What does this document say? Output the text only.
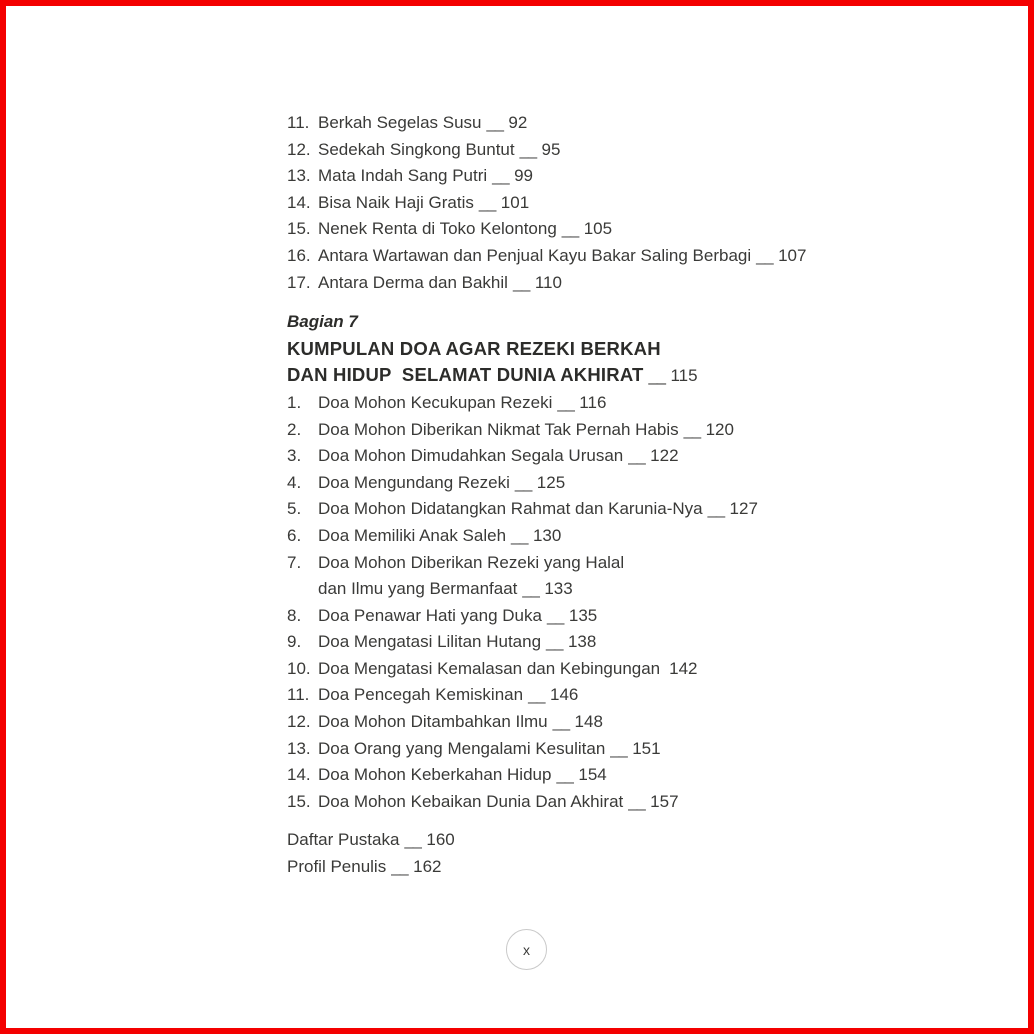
11. Berkah Segelas Susu __ 92
12. Sedekah Singkong Buntut __ 95
13. Mata Indah Sang Putri __ 99
14. Bisa Naik Haji Gratis __ 101
15. Nenek Renta di Toko Kelontong __ 105
16. Antara Wartawan dan Penjual Kayu Bakar Saling Berbagi __ 107
17. Antara Derma dan Bakhil __ 110
Bagian 7
KUMPULAN DOA AGAR REZEKI BERKAH
DAN HIDUP  SELAMAT DUNIA AKHIRAT __ 115
1. Doa Mohon Kecukupan Rezeki __ 116
2. Doa Mohon Diberikan Nikmat Tak Pernah Habis __ 120
3. Doa Mohon Dimudahkan Segala Urusan __ 122
4. Doa Mengundang Rezeki __ 125
5. Doa Mohon Didatangkan Rahmat dan Karunia-Nya __ 127
6. Doa Memiliki Anak Saleh __ 130
7. Doa Mohon Diberikan Rezeki yang Halaldan Ilmu yang Bermanfaat __ 133
8. Doa Penawar Hati yang Duka __ 135
9. Doa Mengatasi Lilitan Hutang __ 138
10. Doa Mengatasi Kemalasan dan Kebingungan 142
11. Doa Pencegah Kemiskinan __ 146
12. Doa Mohon Ditambahkan Ilmu __ 148
13. Doa Orang yang Mengalami Kesulitan __ 151
14. Doa Mohon Keberkahan Hidup __ 154
15. Doa Mohon Kebaikan Dunia Dan Akhirat __ 157
Daftar Pustaka __ 160
Profil Penulis __ 162
x
